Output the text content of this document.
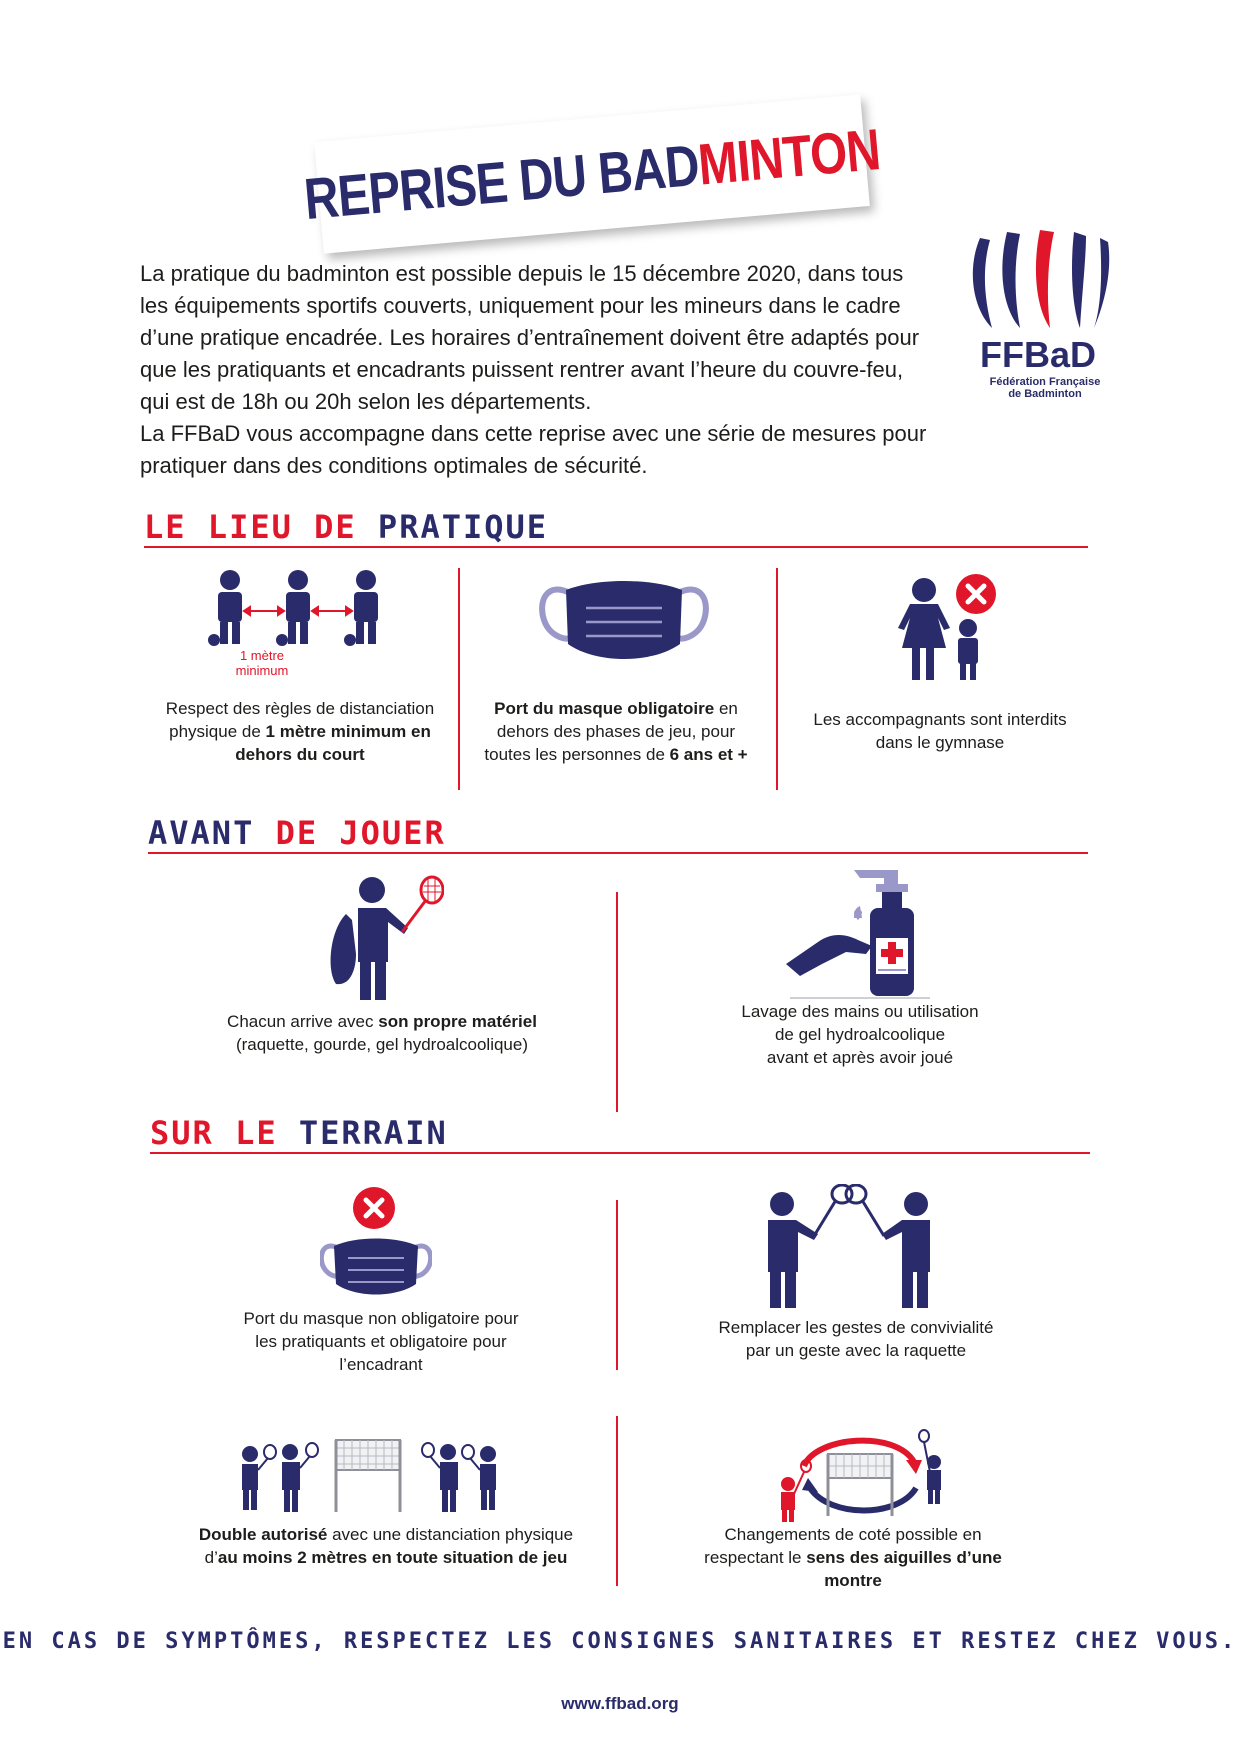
REPRISE DU BADMINTON

La pratique du badminton est possible depuis le 15 décembre 2020, dans tous les équipements sportifs couverts, uniquement pour les mineurs dans le cadre d’une pratique encadrée. Les horaires d’entraînement doivent être adaptés pour que les pratiquants et encadrants puissent rentrer avant l’heure du couvre-feu, qui est de 18h ou 20h selon les départements.

La FFBaD vous accompagne dans cette reprise avec une série de mesures pour pratiquer dans des conditions optimales de sécurité.

FFBaD
Fédération Française
de Badminton
LE LIEU DE PRATIQUE
1 mètre
minimum
Respect des règles de distanciation physique de 1 mètre minimum en dehors du court
Port du masque obligatoire en dehors des phases de jeu, pour toutes les personnes de 6 ans et +
Les accompagnants sont interdits dans le gymnase
AVANT DE JOUER
Chacun arrive avec son propre matériel
(raquette, gourde, gel hydroalcoolique)
Lavage des mains ou utilisation
de gel hydroalcoolique
avant et après avoir joué
SUR LE TERRAIN
Port du masque non obligatoire pour
les pratiquants et obligatoire pour
l’encadrant
Remplacer les gestes de convivialité
par un geste avec la raquette
Double autorisé avec une distanciation physique d’au moins 2 mètres en toute situation de jeu
Changements de coté possible en respectant le sens des aiguilles d’une montre
EN CAS DE SYMPTÔMES, RESPECTEZ LES CONSIGNES SANITAIRES ET RESTEZ CHEZ VOUS.
www.ffbad.org
